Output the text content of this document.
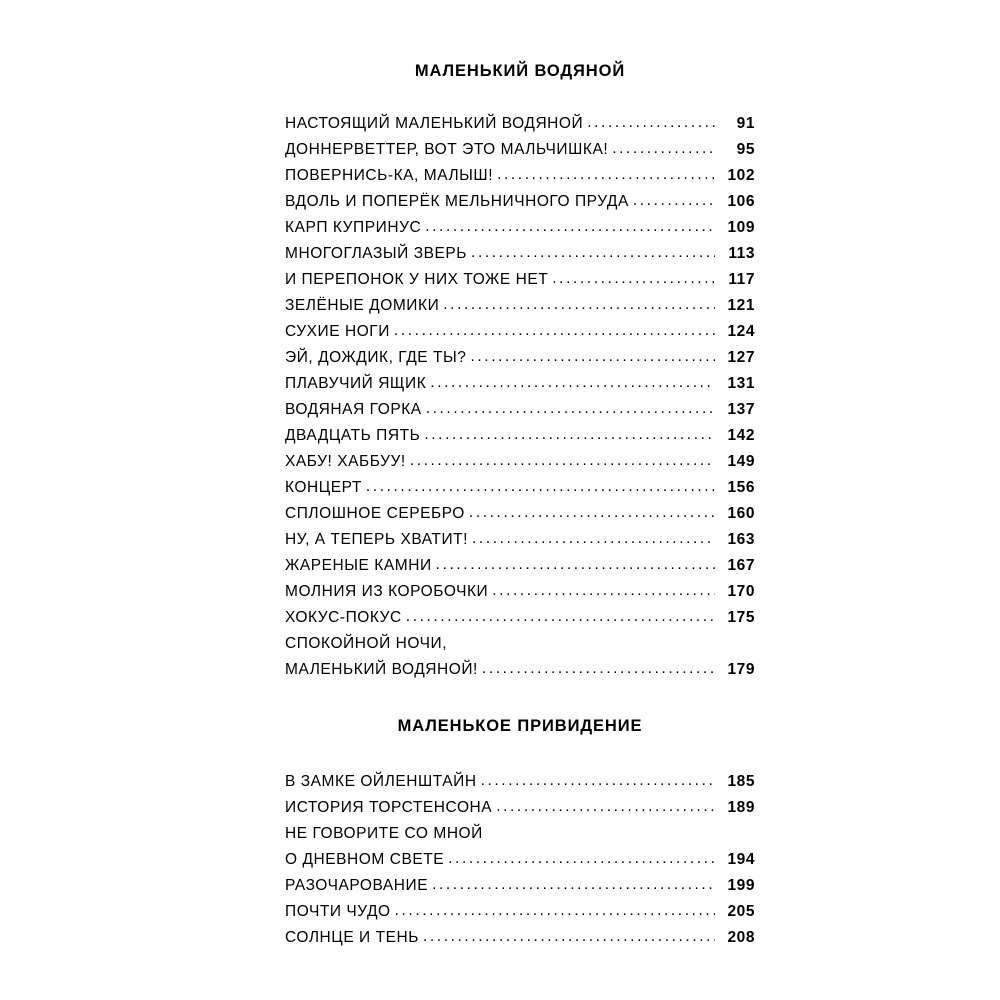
МАЛЕНЬКИЙ ВОДЯНОЙ
НАСТОЯЩИЙ МАЛЕНЬКИЙ ВОДЯНОЙ .....	91
ДОННЕРВЕТТЕР, ВОТ ЭТО МАЛЬЧИШКА! .....	95
ПОВЕРНИСЬ-КА, МАЛЫШ! .....	102
ВДОЛЬ И ПОПЕРЁК МЕЛЬНИЧНОГО ПРУДА .....	106
КАРП КУПРИНУС .....	109
МНОГОГЛАЗЫЙ ЗВЕРЬ .....	113
И ПЕРЕПОНОК У НИХ ТОЖЕ НЕТ .....	117
ЗЕЛЁНЫЕ ДОМИКИ .....	121
СУХИЕ НОГИ .....	124
ЭЙ, ДОЖДИК, ГДЕ ТЫ? .....	127
ПЛАВУЧИЙ ЯЩИК .....	131
ВОДЯНАЯ ГОРКА .....	137
ДВАДЦАТЬ ПЯТЬ .....	142
ХАБУ! ХАББУУ! .....	149
КОНЦЕРТ .....	156
СПЛОШНОЕ СЕРЕБРО .....	160
НУ, А ТЕПЕРЬ ХВАТИТ! .....	163
ЖАРЕНЫЕ КАМНИ .....	167
МОЛНИЯ ИЗ КОРОБОЧКИ .....	170
ХОКУС-ПОКУС .....	175
СПОКОЙНОЙ НОЧИ,
МАЛЕНЬКИЙ ВОДЯНОЙ! .....	179
МАЛЕНЬКОЕ ПРИВИДЕНИЕ
В ЗАМКЕ ОЙЛЕНШТАЙН .....	185
ИСТОРИЯ ТОРСТЕНСОНА .....	189
НЕ ГОВОРИТЕ СО МНОЙ
О ДНЕВНОМ СВЕТЕ .....	194
РАЗОЧАРОВАНИЕ .....	199
ПОЧТИ ЧУДО .....	205
СОЛНЦЕ И ТЕНЬ .....	208
